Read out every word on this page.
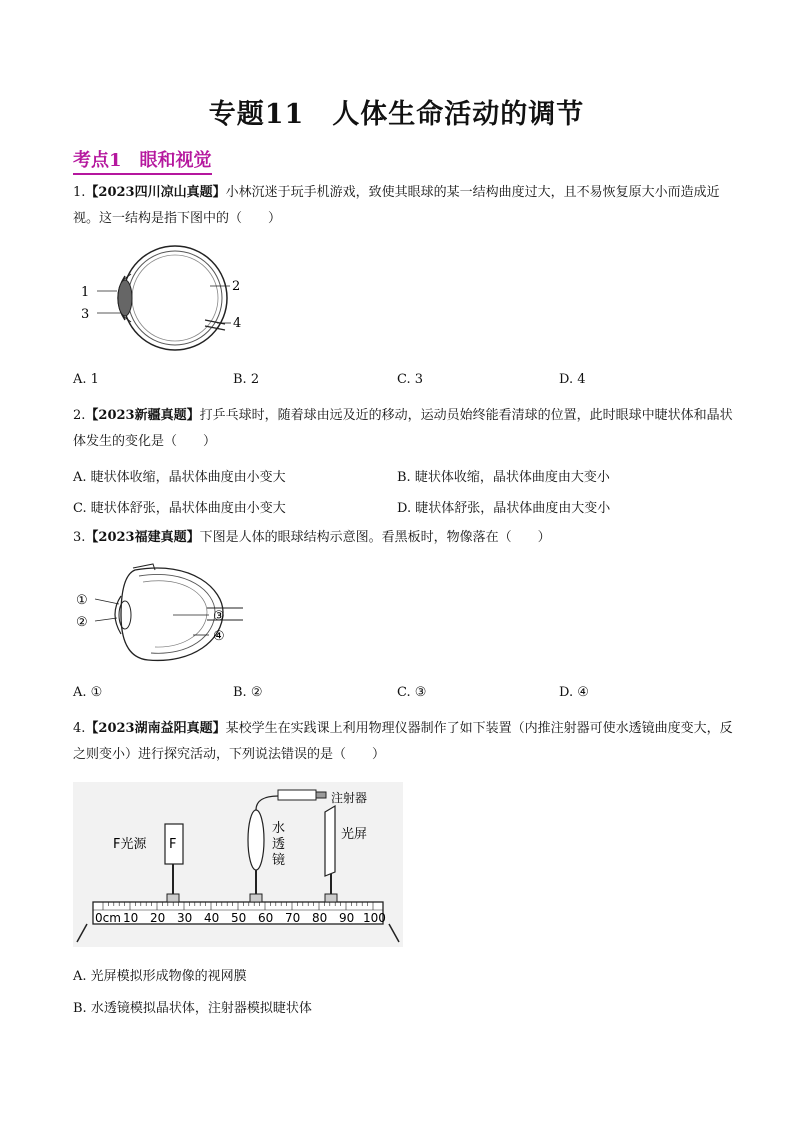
专题11　人体生命活动的调节
考点1　眼和视觉
1.【2023四川凉山真题】小林沉迷于玩手机游戏，致使其眼球的某一结构曲度过大，且不易恢复原大小而造成近视。这一结构是指下图中的（　　）
1
3
2
4
A. 1	B. 2	C. 3	D. 4
2.【2023新疆真题】打乒乓球时，随着球由远及近的移动，运动员始终能看清球的位置，此时眼球中睫状体和晶状体发生的变化是（　　）
A. 睫状体收缩，晶状体曲度由小变大	B. 睫状体收缩，晶状体曲度由大变小
C. 睫状体舒张，晶状体曲度由小变大	D. 睫状体舒张，晶状体曲度由大变小
3.【2023福建真题】下图是人体的眼球结构示意图。看黑板时，物像落在（　　）
①
②	③
④
A. ①	B. ②	C. ③	D. ④
4.【2023湖南益阳真题】某校学生在实践课上利用物理仪器制作了如下装置（内推注射器可使水透镜曲度变大，反之则变小）进行探究活动，下列说法错误的是（　　）
F
F光源
水
透
镜
注射器
光屏
0cm 10 20 30 40 50 60 70 80 90 100
A. 光屏模拟形成物像的视网膜
B. 水透镜模拟晶状体，注射器模拟睫状体
